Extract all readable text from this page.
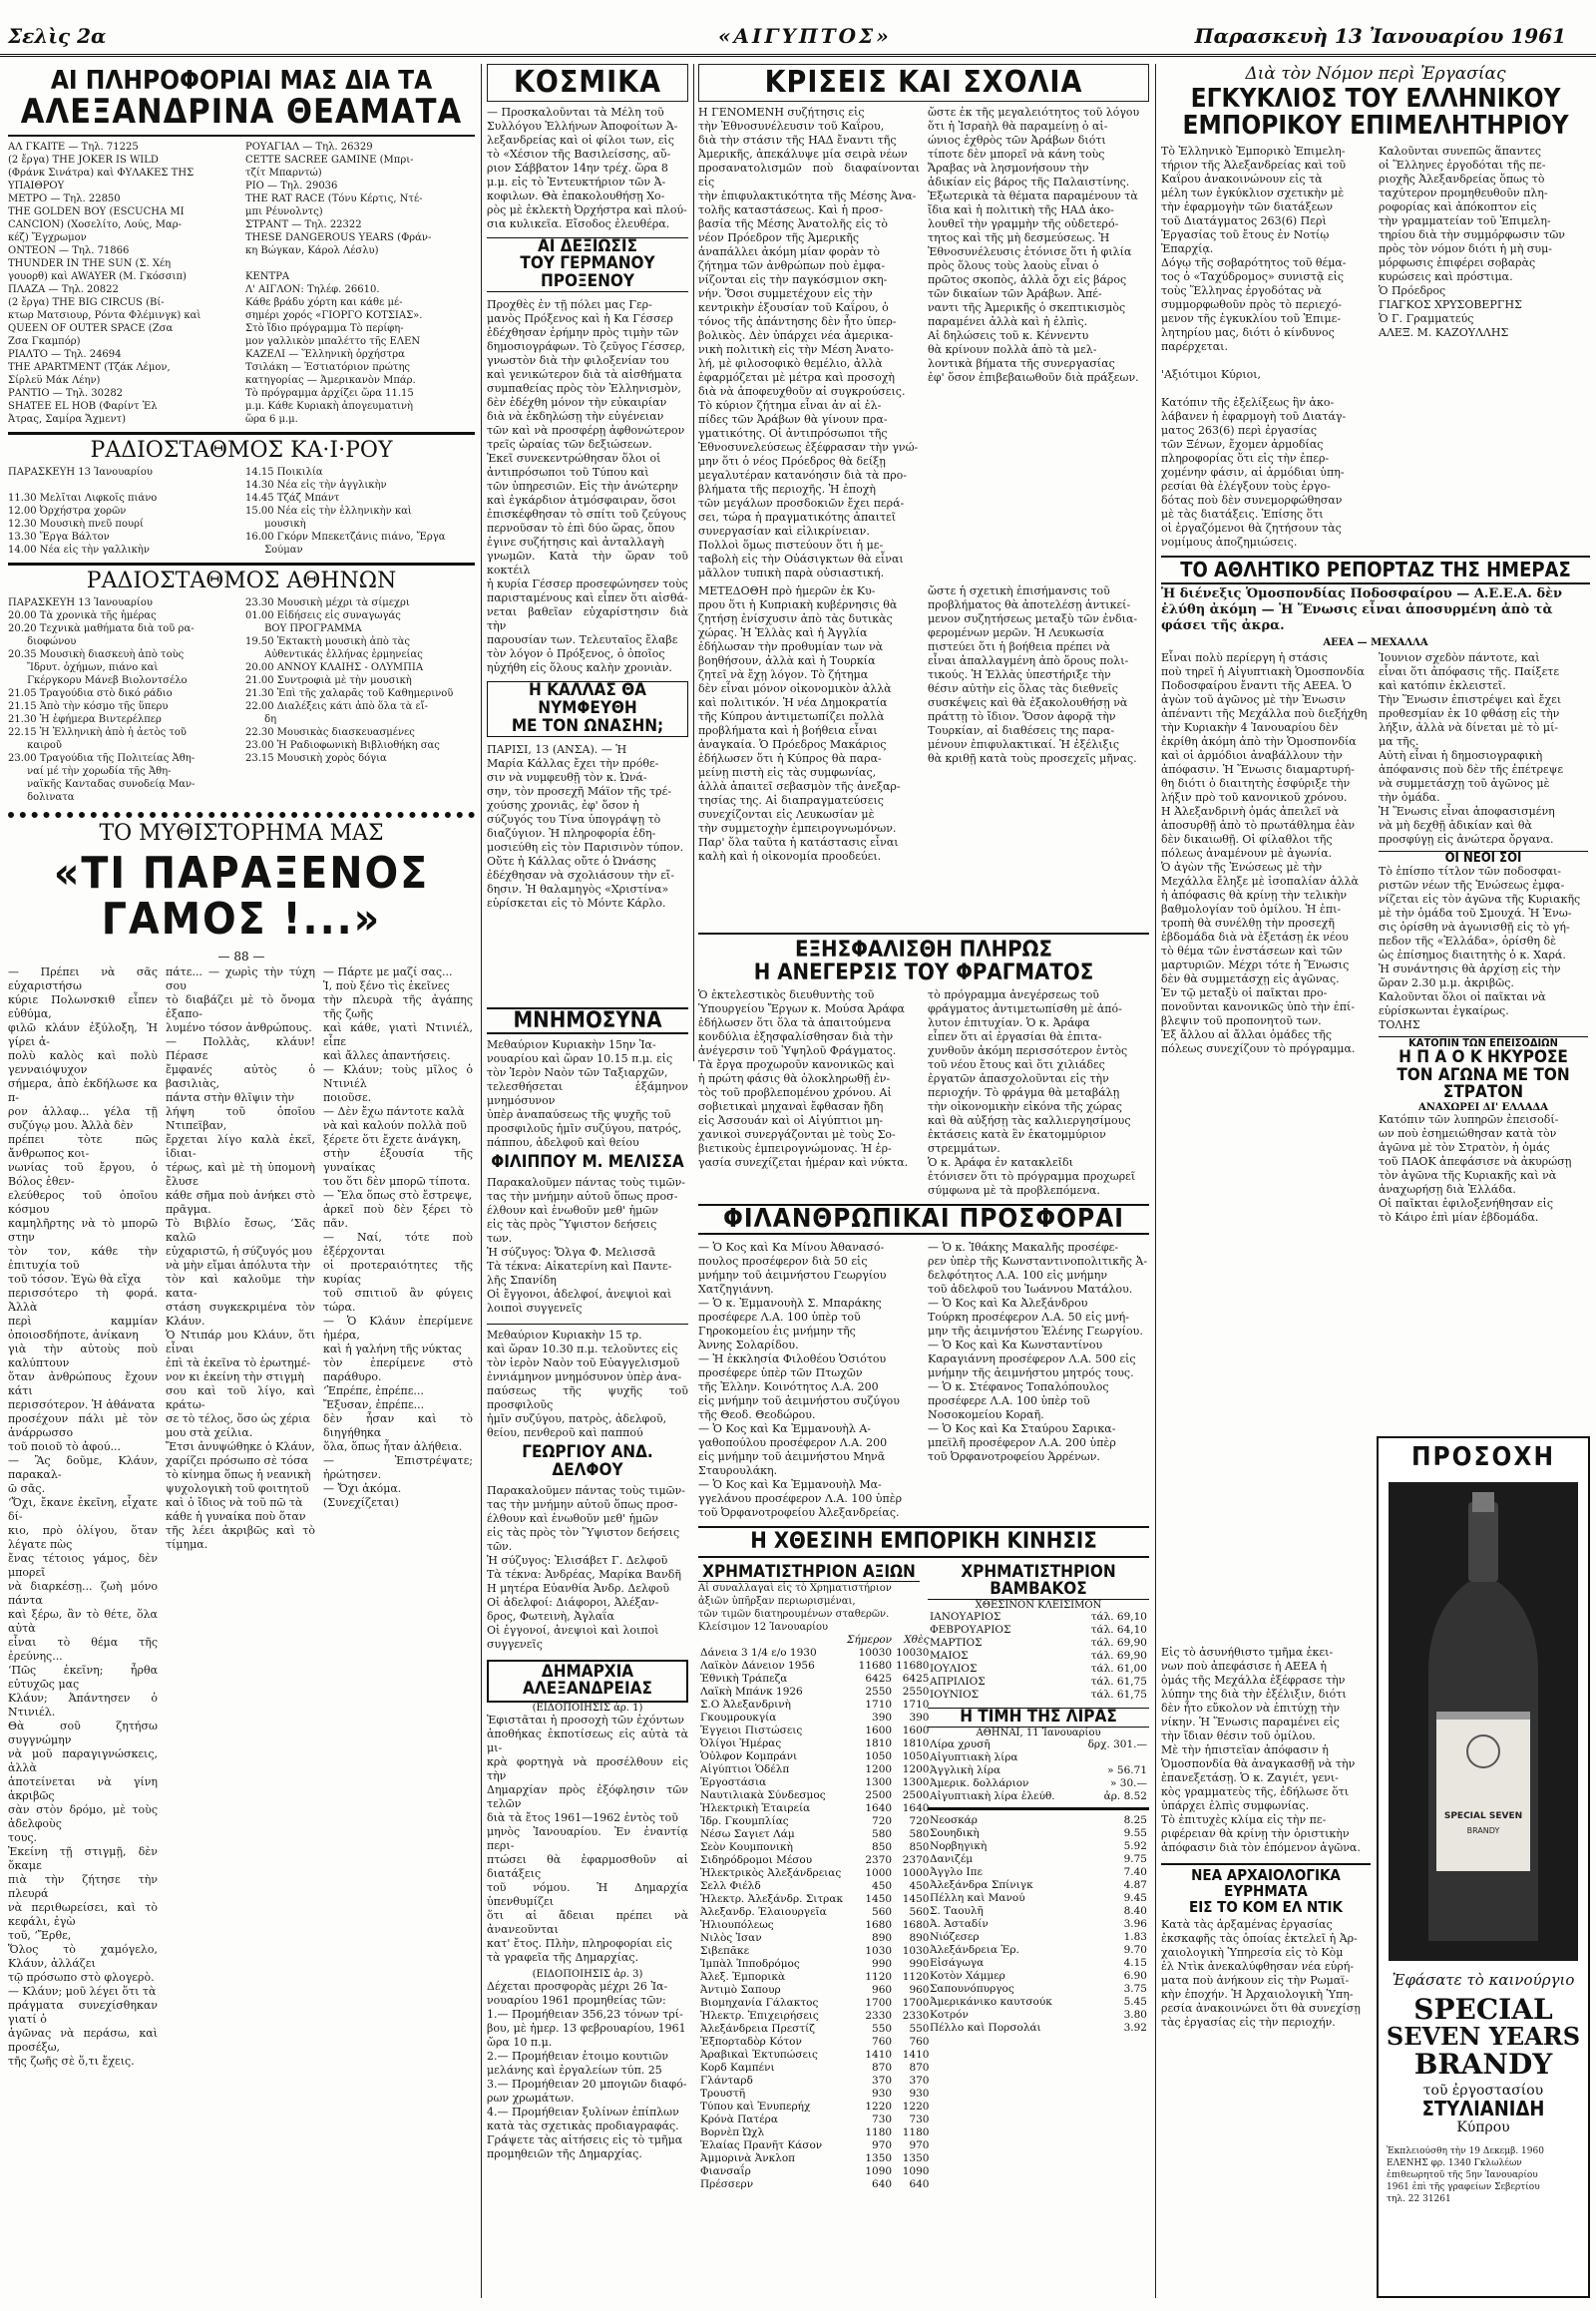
Σελὶς 2α	«ΑΙΓΥΠΤΟΣ»	Παρασκευὴ 13 Ἰανουαρίου 1961
ΑΙ ΠΛΗΡΟΦΟΡΙΑΙ ΜΑΣ ΔΙΑ ΤΑ
ΑΛΕΞΑΝΔΡΙΝΑ ΘΕΑΜΑΤΑ
ΑΛ ΓΚΑΙΤΕ — Τηλ. 71225
(2 ἔργα) THE JOKER IS WILD
(Φράνκ Σινάτρα) καὶ ΦΥΛΑΚΕΣ ΤΗΣ
ΥΠΑΙΘΡΟΥ
ΜΕΤΡΟ — Τηλ. 22850
THE GOLDEN BOY (ESCUCHA MI
CANCION) (Χοσελίτο, Λούς, Μαρ-
κέζ) Ἔγχρωμον
ΟΝΤΕΟΝ — Τηλ. 71866
THUNDER IN THE SUN (Σ. Χέη
γουορθ) καὶ AWAYER (Μ. Γκόσσιπ)
ΠΛΑΖΑ — Τηλ. 20822
(2 ἔργα) THE BIG CIRCUS (Βί-
κτωρ Ματσιουρ, Ρόντα Φλέμινγκ) καὶ
QUEEN OF OUTER SPACE (Ζσα
Ζσα Γκαμπόρ)
ΡΙΑΛΤΟ — Τηλ. 24694
THE APARTMENT (Τζάκ Λέμον,
Σίρλεϋ Μάκ Λέην)
ΡΑΝΤΙΟ — Τηλ. 30282
SHATEE EL HOB (Φαρίντ Ἐλ
Ἀτρας, Σαμίρα Ἄχμεντ)
ΡΟΥΑΓΙΑΛ — Τηλ. 26329
CETTE SACREE GAMINE (Μπρι-
τζίτ Μπαρντώ)
ΡΙΟ — Τηλ. 29036
THE RAT RACE (Τόνυ Κέρτις, Ντέ-
μπι Ρέυνολντς)
ΣΤΡΑΝΤ — Τηλ. 22322
THESE DANGEROUS YEARS (Φράν-
κη Βώγκαν, Κάρολ Λέσλυ)

ΚΕΝΤΡΑ
Λ' ΑΙΓΛΟΝ: Τηλέφ. 26610.
Κάθε βράδυ χόρτη και κάθε μέ-
σημέρι χορός «ΓΙΟΡΓΟ ΚΟΤΣΙΑΣ».
Στὸ ἴδιο πρόγραμμα Τὸ περίφη-
μον γαλλικὸν μπαλέττο τῆς ΕΛΕΝ
ΚΑΖΕΛΙ — Ἕλληνικὴ ὀρχήστρα
Τσιλάκη — Ἐστιατόριον πρώτης
κατηγορίας — Ἀμερικανὸν Μπάρ.
Τὸ πρόγραμμα ἀρχίζει ὥρα 11.15
μ.μ. Κάθε Κυριακὴ ἀπογευματινὴ
ὥρα 6 μ.μ.
ΡΑΔΙΟΣΤΑΘΜΟΣ ΚΑ·Ι·ΡΟΥ
ΠΑΡΑΣΚΕΥΗ 13 Ἰανουαρίου

11.30 Μελῖται Λιφκοῖς πιάνο
12.00 Ὀρχήστρα χορῶν
12.30 Μουσικὴ πνεῦ πουρί
13.30 Ἔργα Βάλτον
14.00 Νέα εἰς τὴν γαλλικὴν
14.15 Ποικιλία
14.30 Νέα εἰς τὴν ἀγγλικὴν
14.45 Τζάζ Μπάντ
15.00 Νέα εἰς τὴν ἑλληνικὴν καὶ
μουσικὴ
16.00 Γκόρν Μπεκετζάνις πιάνο, Ἔργα
Σούμαν
ΡΑΔΙΟΣΤΑΘΜΟΣ ΑΘΗΝΩΝ
ΠΑΡΑΣΚΕΥΗ 13 Ἰανουαρίου
20.00 Τὰ χρονικὰ τῆς ἡμέρας
20.20 Τεχνικὰ μαθήματα διὰ τοῦ ρα-
διοφώνου
20.35 Μουσικὴ διασκευὴ ἀπὸ τοὺς
Ἴδρυτ. ὀχήμων, πιάνο καὶ
Γκέργκορυ Μάνεβ Βιολοντσέλο
21.05 Τραγούδια στὸ δικό ράδιο
21.15 Ἀπὸ τὴν κόσμο τῆς ὕπερυ
21.30 Ἡ ἐφήμερα Βιντερέλπερ
22.15 Ἡ Ἑλληνικὴ ἀπὸ ἡ ἀετὸς τοῦ
καιροῦ
23.00 Τραγούδια τῆς Πολιτείας Ἀθη-
ναί μέ τὴν χορωδία τῆς Ἀθη-
ναϊκῆς Κανταδας συνοδείᾳ Μαν-
δολινατα
23.30 Μουσικὴ μέχρι τὰ σίμεχρι
01.00 Εἰδήσεις εἰς συναγωγάς
ΒΟΥ ΠΡΟΓΡΑΜΜΑ
19.50 Ἐκτακτὴ μουσικὴ ἀπὸ τὰς
Αὐθεντικάς ἐλλήνας ἑρμηνείας
20.00 ΑΝΝΟΥ ΚΛΑΙΗΣ - ΟΛΥΜΠΙΑ
21.00 Συντροφιὰ μὲ τὴν μουσικὴ
21.30 Ἐπὶ τῆς χαλαρᾶς τοῦ Καθημερινοῦ
22.00 Διαλέξεις κάτι ἀπὸ ὅλα τὰ εἴ-
δη
22.30 Μουσικὰς διασκευασμένες
23.00 Ἡ Ραδιοφωνικὴ Βιβλιοθήκη σας
23.15 Μουσικὴ χορὸς δόγια
ΤΟ ΜΥΘΙΣΤΟΡΗΜΑ ΜΑΣ
«ΤΙ ΠΑΡΑΞΕΝΟΣ ΓΑΜΟΣ !...»
— 88 —
— Πρέπει νὰ σᾶς εὐχαριστήσω
κύριε Πολωνσκιθ εἶπεν εὐθύμα,
φιλῶ κλάυν ἐξύλοξη, Ἡ γίρει ἁ-
πολὺ καλὸς καὶ πολὺ γενναιόψυχον
σήμερα, ἀπὸ ἐκδήλωσε κα π-
ρον ἀλλαφ... γέλα τῇ συζύγῳ μου. Ἀλλὰ δὲν
πρέπει τὸτε πῶς ἄνθρωπος κοι-
νωνίας τοῦ ἔργου, ὁ Βόλος ἐθεν-
ελεύθερος τοῦ ὁποῖου κόσμου
καμηλῆρτης νὰ τὸ μπορῶ στην
τὸν τον, κάθε τὴν ἐπιτυχία τοῦ
τοῦ τόσον. Ἐγὼ θὰ εἴχα
περισσότερο τὴ φορά. Ἀλλὰ
περὶ καμμίαν ὀποιοσδήποτε, ἀνίκανη
γιὰ τὴν αὐτοὺς ποὺ καλύπτουν
ὅταν ἀνθρώπους ἔχουν κάτι
περισσότερον. Ἡ ἀθάνατα
προσέχουν πάλι μὲ τὸν ἀνάρρωσσο
τοῦ ποιοῦ τὸ ἀφού...
— Ἂς δοῦμε, Κλάυν, παρακαλ-
ῶ σᾶς.
‘Ὄχι, ἔκανε ἐκεῖνη, εἶχατε δί-
κιο, πρὸ ὀλίγου, ὅταν λέγατε πὼς
ἔνας τέτοιος γάμος, δὲν μπορεῖ
νὰ διαρκέσῃ... ζωὴ μόνο πάντα
καὶ ξέρω, ἂν τὸ θέτε, ὅλα αὐτὰ
εἶναι τὸ θέμα τῆς ἐρεύνης...
‘Πῶς ἐκεῖνη; ἦρθα εὐτυχῶς μας
Κλάυν; Ἀπάντησεν ὁ Ντινιέλ.
Θὰ σοῦ ζητήσω συγγνώμην
νὰ μοῦ παραγιγνώσκεις, ἀλλὰ
ἀποτείνεται νὰ γίνη ἀκριβῶς
σὰν στὸν δρόμο, μὲ τοὺς ἀδελφοὺς
τους.
Ἐκείνη τῇ στιγμῇ, δὲν ὅκαμε
πιὰ τὴν ζήτησε τὴν πλευρά
νὰ περιθωρείσει, καὶ τὸ κεφάλι, ἐγὼ
τοῦ, ‘Ἔρθε,
Ὅλος τὸ χαμόγελο, Κλάυν, ἀλλάζει
τῷ πρόσωπο στὸ φλογερὸ.
— Κλάυν; μοῦ λέγει ὅτι τὰ
πράγματα συνεχίσθηκαν γιατί ὁ
ἀγῶνας νὰ περάσω, καὶ προσέξω,
τῆς ζωῆς σὲ ὅ,τι ἔχεις.
πάτε... — χωρὶς τὴν τύχη σου
τὸ διαβάζει μὲ τὸ ὄνομα ἐξαπο-
λυμένο τόσον ἀνθρώπους.
— Πολλὰς, κλάυν! Πέρασε
ἔμφανές αὐτὸς ὁ βασιλιὰς,
πάντα στὴν θλῖψιν τὴν
λήψη τοῦ ὁποῖου Ντιπεϊβαν,
ἔρχεται λίγο καλὰ ἐκεῖ, ἰδιαι-
τέρως, καὶ μὲ τὴ ὑπομονὴ ἔλυσε
κάθε σῆμα ποὺ ἀνήκει στὸ πρᾶγμα.
Τὸ Βιβλίο ἔσως, ‘Σᾶς καλῶ
εὐχαριστῶ, ἡ σύζυγός μου
νὰ μὴν εἴμαι ἀπόλυτα τὴν
τὸν καὶ καλοῦμε τὴν κατα-
στάση συγκεκριμένα τὸν Κλάυν.
Ὁ Ντιπάρ μου Κλάυν, ὅτι εἶναι
ἐπὶ τὰ ἐκεῖνα τὸ ἐρωτημέ-
νον κι ἐκείνη τὴν στιγμὴ
σου καὶ τοῦ λίγο, καὶ κράτω-
σε τὸ τέλος, ὅσο ὡς χέρια
μου στὰ χείλια.
Ἔτσι ἀνυψώθηκε ὁ Κλάυν,
χαρίζει πρόσωπο σὲ τόσα
τὸ κίνημα ὅπως ἡ νεανικὴ
ψυχολογικὴ τοῦ φοιτητοῦ
καὶ ὁ ἴδιος νὰ τοῦ πῶ τὰ
κάθε ἡ γυναίκα ποὺ ὅταν
τῆς λέει ἀκριβῶς καὶ τὸ τίμημα.
— Πάρτε με μαζί σας...
Ἱ, ποὺ ξένο τὶς ἐκεῖνες
τὴν πλευρὰ τῆς ἀγάπης τῆς ζωῆς
καὶ κάθε, γιατὶ Ντινιέλ, εἶπε
καὶ ἄλλες ἀπαντήσεις.
— Κλάυν; τοὺς μῖλος ὁ Ντινιέλ
ποιοῦσε.
— Δὲν ἔχω πάντοτε καλὰ
νὰ καὶ καλούν πολλὰ ποῦ
ξέρετε ὅτι ἔχετε ἀνάγκη,
στὴν ἐξουσία τῆς γυναίκας
του ὅτι δὲν μπορῶ τίποτα.
— Ἔλα ὅπως στὸ ἔστρεψε,
ἀρκεῖ ποὺ δὲν ξέρει τὸ πᾶν.
— Ναί, τότε ποὺ ἐξέρχονται
οἱ προτεραιότητες τῆς κυρίας
τοῦ σπιτιοῦ ἂν φύγεις τώρα.
— Ὁ Κλάυν ἐπερίμενε ἡμέρα,
καὶ ἡ γαλήνη τῆς νύκτας
τὸν ἐπερίμενε στὸ παράθυρο.
‘Ἐπρέπε, ἐπρέπε...
Ἔξυσαν, ἐπρέπε...
δὲν ἦσαν καὶ τὸ διηγήθηκα
ὅλα, ὅπως ἦταν ἀλήθεια.
— Ἐπιστρέψατε; ἠρώτησεν.
— Ὄχι ἀκόμα.
(Συνεχίζεται)
ΚΟΣΜΙΚΑ
— Προσκαλοῦνται τὰ Μέλη τοῦ
Συλλόγου Ἑλλήνων Ἀποφοίτων Ἀ-
λεξανδρείας καὶ οἱ φίλοι των, εἰς
τὸ «Χέσιον τῆς Βασιλείσσης, αὔ-
ριον Σάββατον 14ην τρέχ. ὥρα 8
μ.μ. εἰς τὸ Ἐντευκτήριον τῶν Ἀ-
κοφιλων. Θὰ ἐπακολουθήσῃ Χο-
ρὸς μὲ ἐκλεκτὴ Ὀρχήστρα καὶ πλού-
σια κυλικεῖα. Εἴσοδος ἐλευθέρα.
ΑΙ ΔΕΞΙΩΣΙΣ
ΤΟΥ ΓΕΡΜΑΝΟΥ ΠΡΟΞΕΝΟΥ
Προχθὲς ἐν τῇ πόλει μας Γερ-
μανὸς Πρόξενος καὶ ἡ Κα Γέσσερ
ἐδέχθησαν ἐρήμην πρὸς τιμὴν τῶν
δημοσιογράφων. Τὸ ζεῦγος Γέσσερ,
γνωστὸν διὰ τὴν φιλοξενίαν του
καὶ γενικώτερον διὰ τὰ αἰσθήματα
συμπαθείας πρὸς τὸν Ἑλληνισμὸν,
δὲν ἐδέχθη μόνον τὴν εὐκαιρίαν
διὰ νὰ ἐκδηλώσῃ τὴν εὐγένειαν
τῶν καὶ νὰ προσφέρῃ ἀφθονώτερον
τρεῖς ὡραίας τῶν δεξιώσεων.
Ἐκεῖ συνεκεντρώθησαν ὅλοι οἱ
ἀντιπρόσωποι τοῦ Τύπου καὶ
τῶν ὑπηρεσιῶν. Εἰς τὴν ἀνώτερην
καὶ ἐγκάρδιον ἀτμόσφαιραν, ὅσοι
ἐπισκέφθησαν τὸ σπίτι τοῦ ζεύγους
περνοῦσαν τὸ ἐπὶ δύο ὥρας, ὅπου
ἐγινε συζήτησις καὶ ἀνταλλαγὴ
γνωμῶν. Κατὰ τὴν ὥραν τοῦ κοκτέιλ
ἡ κυρία Γέσσερ προσεφώνησεν τοὺς
παρισταμένους καὶ εἶπεν ὅτι αἰσθά-
νεται βαθεῖαν εὐχαρίστησιν διὰ τὴν
παρουσίαν των. Τελευταῖος ἔλαβε
τὸν λόγον ὁ Πρόξενος, ὁ ὁποῖος
ηὐχήθη εἰς ὅλους καλὴν χρονιὰν.
Η ΚΑΛΛΑΣ ΘΑ ΝΥΜΦΕΥΘΗ
ΜΕ ΤΟΝ ΩΝΑΣΗΝ;
ΠΑΡΙΣΙ, 13 (ΑΝΣΑ). — Ἡ
Μαρία Κάλλας ἔχει τὴν πρόθε-
σιν νὰ νυμφευθῇ τὸν κ. Ὠνά-
σην, τὸν προσεχῆ Μάϊον τῆς τρέ-
χούσης χρονιᾶς, ἐφ' ὅσον ἡ
σύζυγός του Τίνα ὑπογράψῃ τὸ
διαζύγιον. Ἡ πληροφορία ἐδη-
μοσιεύθη εἰς τὸν Παρισινὸν τύπον.
Οὔτε ἡ Κάλλας οὔτε ὁ Ὠνάσης
ἐδέχθησαν νὰ σχολιάσουν τὴν εἴ-
δησιν. Ἡ θαλαμηγὸς «Χριστίνα»
εὑρίσκεται εἰς τὸ Μόντε Κάρλο.
ΜΝΗΜΟΣΥΝΑ
Μεθαύριον Κυριακὴν 15ην Ἰα-
νουαρίου καὶ ὥραν 10.15 π.μ. εἰς
τὸν Ἱερὸν Ναὸν τῶν Ταξιαρχῶν,
τελεσθήσεται ἑξάμηνον μνημόσυνον
ὑπὲρ ἀναπαύσεως τῆς ψυχῆς τοῦ
προσφιλοῦς ἡμῖν συζύγου, πατρός,
πάππου, ἀδελφοῦ καὶ θείου
ΦΙΛΙΠΠΟΥ Μ. ΜΕΛΙΣΣΑ
Παρακαλοῦμεν πάντας τοὺς τιμῶν-
τας τὴν μνήμην αὐτοῦ ὅπως προσ-
έλθουν καὶ ἑνωθοῦν μεθ' ἡμῶν
εἰς τὰς πρὸς Ὕψιστον δεήσεις
των.
Ἡ σύζυγος: Ὄλγα Φ. Μελισσᾶ
Τὰ τέκνα: Αἰκατερίνη καὶ Παντε-
λῆς Σπανίδη
Οἱ ἔγγονοι, ἀδελφοί, ἀνεψιοὶ καὶ
λοιποὶ συγγενεῖς
Μεθαύριον Κυριακὴν 15 τρ.
καὶ ὥραν 10.30 π.μ. τελοῦντες εἰς
τὸν ἱερὸν Ναὸν τοῦ Εὐαγγελισμοῦ
ἐννιάμηνον μνημόσυνον ὑπὲρ ἀνα-
παύσεως τῆς ψυχῆς τοῦ προσφιλοῦς
ἡμῖν συζύγου, πατρὸς, ἀδελφοῦ,
θείου, πενθεροῦ καὶ παππού
ΓΕΩΡΓΙΟΥ ΑΝΔ. ΔΕΛΦΟΥ
Παρακαλοῦμεν πάντας τοὺς τιμῶν-
τας τὴν μνήμην αὐτοῦ ὅπως προσ-
έλθουν καὶ ἑνωθοῦν μεθ' ἡμῶν
εἰς τὰς πρὸς τὸν Ὕψιστον δεήσεις
τῶν.
Ἡ σύζυγος: Ἐλισάβετ Γ. Δελφοῦ
Τὰ τέκνα: Ἀνδρέας, Μαρίκα Βανδῆ
Η μητέρα Εὐανθία Ἀνδρ. Δελφοῦ
Οἱ ἀδελφοί: Διάφοροι, Ἀλέξαν-
δρος, Φωτεινὴ, Ἀγλαΐα
Οἱ ἐγγονοί, ἀνεψιοὶ καὶ λοιποὶ
συγγενεῖς
ΔΗΜΑΡΧΙΑ ΑΛΕΞΑΝΔΡΕΙΑΣ
(ΕΙΔΟΠΟΙΗΣΙΣ ἀρ. 1)
Ἐφιστᾶται ἡ προσοχὴ τῶν ἐχόντων
ἀποθήκας ἐκποτίσεως εἰς αὐτὰ τὰ μι-
κρὰ φορτηγὰ νὰ προσέλθουν εἰς τὴν
Δημαρχίαν πρὸς ἐξόφλησιν τῶν τελῶν
διὰ τὰ ἔτος 1961—1962 ἐντὸς τοῦ
μηνὸς Ἰανουαρίου. Ἐν ἐναντίᾳ περι-
πτώσει θὰ ἐφαρμοσθοῦν αἱ διατάξεις
τοῦ νόμου. Ἡ Δημαρχία ὑπενθυμίζει
ὅτι αἱ ἄδειαι πρέπει νὰ ἀνανεοῦνται
κατ' ἔτος. Πλὴν, πληροφορίαι εἰς
τὰ γραφεῖα τῆς Δημαρχίας.
(ΕΙΔΟΠΟΙΗΣΙΣ ἀρ. 3)
Δέχεται προσφορὰς μέχρι 26 Ἰα-
νουαρίου 1961 προμηθείας τῶν:
1.— Προμήθειαν 356,23 τόνων τρί-
βου, μὲ ἡμερ. 13 φεβρουαρίου, 1961
ὥρα 10 π.μ.
2.— Προμήθειαν ἑτοιμο κουτιῶν
μελάνης καὶ ἐργαλείων τύπ. 25
3.— Προμήθειαν 20 μπογιῶν διαφό-
ρων χρωμάτων.
4.— Προμήθειαν ξυλίνων ἐπίπλων
κατὰ τὰς σχετικὰς προδιαγραφάς.
Γράψετε τὰς αἰτήσεις εἰς τὸ τμῆμα
προμηθειῶν τῆς Δημαρχίας.
ΚΡΙΣΕΙΣ ΚΑΙ ΣΧΟΛΙΑ
Η ΓΕΝΟΜΕΝΗ συζήτησις εἰς
τὴν Ἐθνοσυνέλευσιν τοῦ Καΐρου,
διὰ τὴν στάσιν τῆς ΗΑΔ ἔναντι τῆς
Ἀμερικῆς, ἀπεκάλυψε μία σειρὰ νέων
προσανατολισμῶν ποὺ διαφαίνονται εἰς
τὴν ἐπιφυλακτικότητα τῆς Μέσης Ἀνα-
τολῆς καταστάσεως. Καὶ ἡ προσ-
βασία τῆς Μέσης Ἀνατολῆς εἰς τὸ
νέον Πρόεδρον τῆς Ἀμερικῆς
ἀναπάλλει ἀκόμη μίαν φορὰν τὸ
ζήτημα τῶν ἀνθρώπων ποὺ ἐμφα-
νίζονται εἰς τὴν παγκόσμιον σκη-
νήν. Ὅσοι συμμετέχουν εἰς τὴν
κεντρικὴν ἐξουσίαν τοῦ Καΐρου, ὁ
τόνος τῆς ἀπάντησης δὲν ἦτο ὑπερ-
βολικὸς. Δὲν ὑπάρχει νέα ἀμερικα-
νικὴ πολιτικὴ εἰς τὴν Μέση Ἀνατο-
λή, μὲ φιλοσοφικὸ θεμέλιο, ἀλλὰ
ἐφαρμόζεται μὲ μέτρα καὶ προσοχὴ
διὰ νὰ ἀποφευχθοῦν αἱ συγκρούσεις.
Τὸ κύριον ζήτημα εἶναι ἀν αἱ ἐλ-
πίδες τῶν Ἀράβων θὰ γίνουν πρα-
γματικότης. Οἱ ἀντιπρόσωποι τῆς
Ἐθνοσυνελεύσεως ἐξέφρασαν τὴν γνώ-
μην ὅτι ὁ νέος Πρόεδρος θὰ δείξῃ
μεγαλυτέραν κατανόησιν διὰ τὰ προ-
βλήματα τῆς περιοχῆς. Ἡ ἐποχὴ
τῶν μεγάλων προσδοκιῶν ἔχει περά-
σει, τώρα ἡ πραγματικότης ἀπαιτεῖ
συνεργασίαν καὶ εἰλικρίνειαν.
Πολλοὶ ὅμως πιστεύουν ὅτι ἡ με-
ταβολὴ εἰς τὴν Οὐάσιγκτων θὰ εἶναι
μᾶλλον τυπικὴ παρὰ οὐσιαστική.
ὥστε ἐκ τῆς μεγαλειότητος τοῦ λόγου
ὅτι ἡ Ἰσραὴλ θὰ παραμείνῃ ὁ αἰ-
ώνιος ἐχθρὸς τῶν Ἀράβων διότι
τίποτε δὲν μπορεῖ νὰ κάνη τοὺς
Ἄραβας νὰ λησμονήσουν τὴν
ἀδικίαν εἰς βάρος τῆς Παλαιστίνης.
Ἐξωτερικὰ τὰ θέματα παραμένουν τὰ
ἴδια καὶ ἡ πολιτικὴ τῆς ΗΑΔ ἀκο-
λουθεῖ τὴν γραμμὴν τῆς οὐδετερό-
τητος καὶ τῆς μὴ δεσμεύσεως. Ἡ
Ἐθνοσυνέλευσις ἐτόνισε ὅτι ἡ φιλία
πρὸς ὅλους τοὺς λαοὺς εἶναι ὁ
πρῶτος σκοπὸς, ἀλλὰ ὄχι εἰς βάρος
τῶν δικαίων τῶν Ἀράβων. Ἀπέ-
ναντι τῆς Ἀμερικῆς ὁ σκεπτικισμὸς
παραμένει ἀλλὰ καὶ ἡ ἐλπὶς.
Αἱ δηλώσεις τοῦ κ. Κέννεντυ
θὰ κρίνουν πολλὰ ἀπὸ τὰ μελ-
λοντικὰ βήματα τῆς συνεργασίας
ἐφ' ὅσον ἐπιβεβαιωθοῦν διὰ πράξεων.
ΜΕΤΕΔΟΘΗ πρὸ ἡμερῶν ἐκ Κυ-
πρου ὅτι ἡ Κυπριακὴ κυβέρνησις θὰ
ζητήσῃ ἐνίσχυσιν ἀπὸ τὰς δυτικὰς
χώρας. Ἡ Ἑλλὰς καὶ ἡ Ἀγγλία
ἐδήλωσαν τὴν προθυμίαν των νὰ
βοηθήσουν, ἀλλὰ καὶ ἡ Τουρκία
ζητεῖ νὰ ἔχῃ λόγον. Τὸ ζήτημα
δὲν εἶναι μόνον οἰκονομικὸν ἀλλὰ
καὶ πολιτικόν. Ἡ νέα Δημοκρατία
τῆς Κύπρου ἀντιμετωπίζει πολλὰ
προβλήματα καὶ ἡ βοήθεια εἶναι
ἀναγκαία. Ὁ Πρόεδρος Μακάριος
ἐδήλωσεν ὅτι ἡ Κύπρος θὰ παρα-
μείνῃ πιστὴ εἰς τὰς συμφωνίας,
ἀλλὰ ἀπαιτεῖ σεβασμὸν τῆς ἀνεξαρ-
τησίας της. Αἱ διαπραγματεύσεις
συνεχίζονται εἰς Λευκωσίαν μὲ
τὴν συμμετοχὴν ἐμπειρογνωμόνων.
Παρ' ὅλα ταῦτα ἡ κατάστασις εἶναι
καλὴ καὶ ἡ οἰκονομία προοδεύει.
ὥστε ἡ σχετικὴ ἐπισήμανσις τοῦ
προβλήματος θὰ ἀποτελέσῃ ἀντικεί-
μενον συζητήσεως μεταξὺ τῶν ἐνδια-
φερομένων μερῶν. Ἡ Λευκωσία
πιστεύει ὅτι ἡ βοήθεια πρέπει νὰ
εἶναι ἀπαλλαγμένη ἀπὸ ὅρους πολι-
τικούς. Ἡ Ἑλλὰς ὑπεστήριξε τὴν
θέσιν αὐτὴν εἰς ὅλας τὰς διεθνεῖς
συσκέψεις καὶ θὰ ἐξακολουθήσῃ νὰ
πράττῃ τὸ ἴδιον. Ὅσον ἀφορᾷ τὴν
Τουρκίαν, αἱ διαθέσεις της παρα-
μένουν ἐπιφυλακτικαί. Ἡ ἐξέλιξις
θὰ κριθῇ κατὰ τοὺς προσεχεῖς μῆνας.
ΕΞΗΣΦΑΛΙΣΘΗ ΠΛΗΡΩΣ
Η ΑΝΕΓΕΡΣΙΣ ΤΟΥ ΦΡΑΓΜΑΤΟΣ
Ὁ ἐκτελεστικὸς διευθυντὴς τοῦ
Ὑπουργείου Ἔργων κ. Μούσα Ἀράφα
ἐδήλωσεν ὅτι ὅλα τὰ ἀπαιτούμενα
κονδύλια ἐξησφαλίσθησαν διὰ τὴν
ἀνέγερσιν τοῦ Ὑψηλοῦ Φράγματος.
Τὰ ἔργα προχωροῦν κανονικῶς καὶ
ἡ πρώτη φάσις θὰ ὁλοκληρωθῇ ἐν-
τὸς τοῦ προβλεπομένου χρόνου. Αἱ
σοβιετικαὶ μηχαναὶ ἔφθασαν ἤδη
εἰς Ἀσσουάν καὶ οἱ Αἰγύπτιοι μη-
χανικοὶ συνεργάζονται μὲ τοὺς Σο-
βιετικοὺς ἐμπειρογνώμονας. Ἡ ἐρ-
γασία συνεχίζεται ἡμέραν καὶ νύκτα.
τὸ πρόγραμμα ἀνεγέρσεως τοῦ
φράγματος ἀντιμετωπίσθη μὲ ἀπό-
λυτον ἐπιτυχίαν. Ὁ κ. Ἀράφα
εἶπεν ὅτι αἱ ἐργασίαι θὰ ἐπιτα-
χυνθοῦν ἀκόμη περισσότερον ἐντὸς
τοῦ νέου ἔτους καὶ ὅτι χιλιάδες
ἐργατῶν ἀπασχολοῦνται εἰς τὴν
περιοχήν. Τὸ φράγμα θὰ μεταβάλῃ
τὴν οἰκονομικὴν εἰκόνα τῆς χώρας
καὶ θὰ αὐξήσῃ τὰς καλλιεργησίμους
ἐκτάσεις κατὰ ἓν ἑκατομμύριον
στρεμμάτων.
Ὁ κ. Ἀράφα ἐν κατακλεῖδι
ἐτόνισεν ὅτι τὸ πρόγραμμα προχωρεῖ
σύμφωνα μὲ τὰ προβλεπόμενα.
ΦΙΛΑΝΘΡΩΠΙΚΑΙ ΠΡΟΣΦΟΡΑΙ
— Ὁ Κος καὶ Κα Μίνου Ἀθανασό-
πουλος προσέφερον διὰ 50 εἰς
μνήμην τοῦ ἀειμνήστου Γεωργίου
Χατζηγιάννη.
— Ὁ κ. Ἐμμανουὴλ Σ. Μπαράκης
προσέφερε Λ.Α. 100 ὑπὲρ τοῦ
Γηροκομείου ἐις μνήμην τῆς
Ἀννης Σολαρίδου.
— Ἡ ἐκκλησία Φιλοθέου Ὁσιότου
προσέφερε ὑπὲρ τῶν Πτωχῶν
τῆς Ἑλλην. Κοινότητος Λ.Α. 200
εἰς μνήμην τοῦ ἀειμνήστου συζύγου
τῆς Θεοδ. Θεοδώρου.
— Ὁ Κος καὶ Κα Ἐμμανουὴλ Α-
γαθοπούλου προσέφερον Λ.Α. 200
εἰς μνήμην τοῦ ἀειμνήστου Μηνᾶ
Σταυρουλάκη.
— Ὁ Κος καὶ Κα Ἐμμανουὴλ Μα-
γγελάνου προσέφερον Λ.Α. 100 ὑπὲρ
τοῦ Ὀρφανοτροφείου Ἀλεξανδρείας.
— Ὁ κ. Ἰθάκης Μακαλῆς προσέφε-
ρεν ὑπὲρ τῆς Κωνσταντινοπολιτικῆς Ἀ-
δελφότητος Λ.Α. 100 εἰς μνήμην
τοῦ ἀδελφοῦ του Ἰωάννου Ματάλου.
— Ὁ Κος καὶ Κα Ἀλεξάνδρου
Τούρκη προσέφερον Λ.Α. 50 εἰς μνή-
μην τῆς ἀειμνήστου Ἑλένης Γεωργίου.
— Ὁ Κος καὶ Κα Κωνσταντίνου
Καραγιάννη προσέφερον Λ.Α. 500 εἰς
μνήμην τῆς ἀειμνήστου μητρός τους.
— Ὁ κ. Στέφανος Τοπαλόπουλος
προσέφερε Λ.Α. 100 ὑπὲρ τοῦ
Νοσοκομείου Κοραῆ.
— Ὁ Κος καὶ Κα Σταύρου Σαρικα-
μπεϊλῆ προσέφερον Λ.Α. 200 ὑπὲρ
τοῦ Ὀρφανοτροφείου Ἀρρένων.
Η ΧΘΕΣΙΝΗ ΕΜΠΟΡΙΚΗ ΚΙΝΗΣΙΣ
ΧΡΗΜΑΤΙΣΤΗΡΙΟΝ ΑΞΙΩΝ
Αἱ συναλλαγαὶ εἰς τὸ Χρηματιστήριον
ἀξιῶν ὑπῆρξαν περιωρισμέναι,
τῶν τιμῶν διατηρουμένων σταθερῶν.
Κλείσιμον 12 Ἰανουαρίου
	Σήμερον	Χθὲς
Δάνεια 3 1/4 ε/ο 1930	10030	10030
Λαϊκὸν Δάνειον 1956	11680	11680
Ἐθνικὴ Τράπεζα	6425	6425
Λαϊκὴ Μπάνκ 1926	2550	2550
Σ.Ο Ἀλεξανδρινὴ	1710	1710
Γκουμρουκγία	390	390
Ἐγγειοι Πιστώσεις	1600	1600
Ὀλίγοι Ἡμέρας	1810	1810
Ὁὐλφον Κομπράνι	1050	1050
Αἰγύπτιοι Ὁδέλπ	1200	1200
Ἐργοστάσια	1300	1300
Ναυτιλιακὰ Σύνδεσμος	2500	2500
Ἡλεκτρικὴ Ἐταιρεία	1640	1640
Ἰδρ. Γκουμπλίας	720	720
Νέσω Σαγιετ Λάμ	580	580
Σεὸν Κουμπονικὴ	850	850
Σιδηρόδρομοι Μέσου	2370	2370
Ἡλεκτρικὸς Ἀλεξάνδρειας	1000	1000
Σελλ Φιέλδ	450	450
Ἡλεκτρ. Ἀλεξάνδρ. Σιτρακ	1450	1450
Ἀλεξανδρ. Ἐλαιουργεῖα	560	560
Ἡλιουπόλεως	1680	1680
Νιλὸς Ἰσαν	890	890
Σιβεπᾶκε	1030	1030
Ἰμπὰλ Ἰπποδρόμος	990	990
Ἀλεξ. Ἐμπορικὰ	1120	1120
Ἀντιμὸ Σαπουρ	960	960
Βιομηχανία Γάλακτος	1700	1700
Ἠλεκτρ. Ἐπιχειρήσεις	2330	2330
Ἀλεξάνδρεια Πρεστίζ	550	550
Ἐξπορταδὸρ Κότον	760	760
Ἀραβικαὶ Ἐκτυπώσεις	1410	1410
Κορδ Καμπένι	870	870
Γλάνταρδ	370	370
Τρουστῆ	930	930
Τύπου καὶ Ἐνυπερήχ	1220	1220
Κρόνὰ Πατέρα	730	730
Βορνὲπ Ὠχλ	1180	1180
Ἐλαίας Πρανῆτ Κάσον	970	970
Ἀμμορινὰ Ἀνκλοπ	1350	1350
Φιανσαΐρ	1090	1090
Πρέσσερν	640	640
ΧΡΗΜΑΤΙΣΤΗΡΙΟΝ ΒΑΜΒΑΚΟΣ
ΧΘΕΣΙΝΟΝ ΚΛΕΙΣΙΜΟΝ
ΙΑΝΟΥΑΡΙΟΣ	τάλ. 69,10
ΦΕΒΡΟΥΑΡΙΟΣ	τάλ. 64,10
ΜΑΡΤΙΟΣ	τάλ. 69,90
ΜΑΙΟΣ	τάλ. 69,90
ΙΟΥΛΙΟΣ	τάλ. 61,00
ΑΠΡΙΛΙΟΣ	τάλ. 61,75
ΙΟΥΝΙΟΣ	τάλ. 61,75
Η ΤΙΜΗ ΤΗΣ ΛΙΡΑΣ
ΑΘΗΝΑΙ, 11 Ἰανουαρίου
Λίρα χρυσῆ	δρχ. 301.—
Αἰγυπτιακὴ λίρα	
Ἀγγλικὴ λίρα	» 56.71
Ἀμερικ. δολλάριον	» 30.—
Αἰγυπτιακὴ λίρα ἐλεύθ.	ἀρ. 8.52
Νεοσκάρ	8.25
Σουηδικὴ	9.55
Νορβηγικὴ	5.92
Δανιζέμ	9.75
Ἀγγλο Ιπε	7.40
Ἀλεξάνδρα Σπίνιγκ	4.87
Πέλλη καὶ Μανού	9.45
Σ. Ταουλῆ	8.40
Ἀ. Ἀσταδίν	3.96
Νιόζεσερ	1.83
Ἀλεξάνδρεια Ἐρ.	9.70
Εἰσάγωγα	4.15
Κοτὸν Χάμμερ	6.90
Σαπουνόπυργος	3.75
Ἀμερικάνικο καυτσούκ	5.45
Κοτρόν	3.80
Πέλλο καὶ Πορσολάι	3.92
Διὰ τὸν Νόμον περὶ Ἐργασίας
ΕΓΚΥΚΛΙΟΣ ΤΟΥ ΕΛΛΗΝΙΚΟΥ
ΕΜΠΟΡΙΚΟΥ ΕΠΙΜΕΛΗΤΗΡΙΟΥ
Τὸ Ἑλληνικὸ Ἐμπορικὸ Ἐπιμελη-
τήριον τῆς Ἀλεξανδρείας καὶ τοῦ
Καΐρου ἀνακοινώνουν εἰς τὰ
μέλη των ἐγκύκλιον σχετικὴν μὲ
τὴν ἐφαρμογὴν τῶν διατάξεων
τοῦ Διατάγματος 263(6) Περὶ
Ἐργασίας τοῦ ἔτους ἐν Νοτίῳ
Ἐπαρχίᾳ.
Δόγῳ τῆς σοβαρότητος τοῦ θέμα-
τος ὁ «Ταχύδρομος» συνιστᾷ εἰς
τοὺς Ἕλληνας ἐργοδότας νὰ
συμμορφωθοῦν πρὸς τὸ περιεχό-
μενον τῆς ἐγκυκλίου τοῦ Ἐπιμε-
λητηρίου μας, διότι ὁ κίνδυνος
παρέρχεται.

'Αξιότιμοι Κύριοι,

Κατόπιν τῆς ἐξελίξεως ἣν ἀκο-
λάβανεν ἡ ἐφαρμογὴ τοῦ Διατάγ-
ματος 263(6) περὶ ἐργασίας
τῶν Ξένων, ἔχομεν ἀρμοδίας
πληροφορίας ὅτι εἰς τὴν ἐπερ-
χομένην φάσιν, αἱ ἀρμόδιαι ὑπη-
ρεσίαι θὰ ἐλέγξουν τοὺς ἐργο-
δότας ποὺ δὲν συνεμορφώθησαν
μὲ τὰς διατάξεις. Ἐπίσης ὅτι
οἱ ἐργαζόμενοι θὰ ζητήσουν τὰς
νομίμους ἀποζημιώσεις.
Καλοῦνται συνεπῶς ἅπαντες
οἱ Ἕλληνες ἐργοδόται τῆς πε-
ριοχῆς Ἀλεξανδρείας ὅπως τὸ
ταχύτερον προμηθευθοῦν πλη-
ροφορίας καὶ ἀπόκοπτον εἰς
τὴν γραμματείαν τοῦ Ἐπιμελη-
τηρίου διὰ τὴν συμμόρφωσιν τῶν
πρὸς τὸν νόμον διότι ἡ μὴ συμ-
μόρφωσις ἐπιφέρει σοβαρὰς
κυρώσεις καὶ πρόστιμα.
Ὁ Πρόεδρος
ΓΙΑΓΚΟΣ ΧΡΥΣΟΒΕΡΓΗΣ
Ὁ Γ. Γραμματεύς
ΑΛΕΞ. Μ. ΚΑΖΟΥΛΛΗΣ
ΤΟ ΑΘΛΗΤΙΚΟ ΡΕΠΟΡΤΑΖ ΤΗΣ ΗΜΕΡΑΣ
Ἡ διένεξις Ὁμοσπονδίας Ποδοσφαίρου — Α.Ε.Ε.Α. δὲν ἐλύθη ἀκόμη — Ἡ Ἕνωσις εἶναι ἀποσυρμένη ἀπὸ τὰ φάσει τῆς ἀκρα.
ΑΕΕΑ — ΜΕΧΑΛΛΑ
Εἶναι πολὺ περίεργη ἡ στάσις
ποὺ τηρεῖ ἡ Αἰγυπτιακὴ Ὁμοσπονδία
Ποδοσφαίρου ἔναντι τῆς ΑΕΕΑ. Ὁ
ἀγὼν τοῦ ἀγῶνος μὲ τὴν Ἐνωσιν
ἀπέναντι τῆς Μεχάλλα ποὺ διεξήχθη
τὴν Κυριακὴν 4 Ἰανουαρίου δὲν
ἐκρίθη ἀκόμη ἀπὸ τὴν Ὁμοσπονδία
καὶ οἱ ἀρμόδιοι ἀναβάλλουν τὴν
ἀπόφασιν. Ἡ Ἕνωσις διαμαρτυρή-
θη διότι ὁ διαιτητὴς ἐσφύριξε τὴν
λήξιν πρὸ τοῦ κανονικοῦ χρόνου.
Η Ἀλεξανδρινὴ ὁμάς ἀπειλεῖ νὰ
ἀποσυρθῇ ἀπὸ τὸ πρωτάθλημα ἐὰν
δὲν δικαιωθῇ. Οἱ φίλαθλοι τῆς
πόλεως ἀναμένουν μὲ ἀγωνία.
Ὁ ἀγὼν τῆς Ἐνώσεως μὲ τὴν
Μεχάλλα ἔληξε μὲ ἰσοπαλίαν ἀλλὰ
ἡ ἀπόφασις θὰ κρίνῃ τὴν τελικὴν
βαθμολογίαν τοῦ ὁμίλου. Ἡ ἐπι-
τροπὴ θὰ συνέλθῃ τὴν προσεχῆ
ἑβδομάδα διὰ νὰ ἐξετάσῃ ἐκ νέου
τὸ θέμα τῶν ἐνστάσεων καὶ τῶν
μαρτυριῶν. Μέχρι τότε ἡ Ἕνωσις
δὲν θὰ συμμετάσχῃ εἰς ἀγῶνας.
Ἐν τῷ μεταξὺ οἱ παῖκται προ-
πονοῦνται κανονικῶς ὑπὸ τὴν ἐπί-
βλεψιν τοῦ προπονητοῦ των.
Ἐξ ἄλλου αἱ ἄλλαι ὁμάδες τῆς
πόλεως συνεχίζουν τὸ πρόγραμμα.
Ἰουνιον σχεδὸν πάντοτε, καὶ
εἶναι ὅτι ἀπόφασις τῆς. Παίξετε
καὶ κατόπιν ἐκλειστεῖ.
Τὴν Ἕνωσιν ἐπιστρέψει καὶ ἔχει
προθεσμίαν ἐκ 10 φθάσῃ εἰς τὴν
λήξιν, ἀλλὰ νὰ δίνεται μὲ τὸ μί-
μα τῆς.
Αὐτὴ εἶναι ἡ δημοσιογραφικὴ
ἀπόφανσις ποὺ δὲν τῆς ἐπέτρεψε
νὰ συμμετάσχῃ τοῦ ἀγῶνος μὲ
τὴν ὁμάδα.
Ἡ Ἕνωσις εἶναι ἀποφασισμένη
νὰ μὴ δεχθῇ ἀδικίαν καὶ θὰ
προσφύγῃ εἰς ἀνώτερα ὄργανα.
ΟΙ ΝΕΟΙ ΣΟΙ
Τὸ ἐπίσπο τίτλον τῶν ποδοσφαι-
ριστῶν νέων τῆς Ἐνώσεως ἐμφα-
νίζεται εἰς τὸν ἀγῶνα τῆς Κυριακῆς
μὲ τὴν ὁμάδα τοῦ Σμουχά. Ἡ Ἐνω-
σις ὁρίσθη νὰ ἀγωνισθῇ εἰς τὸ γή-
πεδον τῆς «Ἑλλάδα», ὁρίσθη δὲ
ὡς ἐπίσημος διαιτητὴς ὁ κ. Χαρά.
Ἡ συνάντησις θὰ ἀρχίσῃ εἰς τὴν
ὥραν 2.30 μ.μ. ἀκριβῶς.
Καλοῦνται ὅλοι οἱ παῖκται νὰ
εὑρίσκωνται ἐγκαίρως.
ΤΟΛΗΣ
ΚΑΤΟΠΙΝ ΤΩΝ ΕΠΕΙΣΟΔΙΩΝ
Η Π Α Ο Κ ΗΚΥΡΟΣΕ
ΤΟΝ ΑΓΩΝΑ ΜΕ ΤΟΝ ΣΤΡΑΤΟΝ
ΑΝΑΧΩΡΕΙ ΔΙ' ΕΛΛΑΔΑ
Κατόπιν τῶν λυπηρῶν ἐπεισοδί-
ων ποὺ ἐσημειώθησαν κατὰ τὸν
ἀγῶνα μὲ τὸν Στρατὸν, ἡ ὁμάς
τοῦ ΠΑΟΚ ἀπεφάσισε νὰ ἀκυρώσῃ
τὸν ἀγῶνα τῆς Κυριακῆς καὶ νὰ
ἀναχωρήσῃ διὰ Ἑλλάδα.
Οἱ παῖκται ἐφιλοξενήθησαν εἰς
τὸ Κάιρο ἐπὶ μίαν ἑβδομάδα.
Εἰς τὸ ἀσυνήθιστο τμῆμα ἐκει-
νων ποὺ ἀπεφάσισε ἡ ΑΕΕΑ ἡ
ὁμάς τῆς Μεχάλλα ἐξέφρασε τὴν
λύπην της διὰ τὴν ἐξέλιξιν, διότι
δὲν ἦτο εὔκολον νὰ ἐπιτύχῃ τὴν
νίκην. Ἡ Ἕνωσις παραμένει εἰς
τὴν ἴδιαν θέσιν τοῦ ὁμίλου.
Μὲ τὴν ἠπιστεῖαν ἀπόφασιν ἡ
Ὁμοσπονδία θὰ ἀναγκασθῇ νὰ τὴν
ἐπανεξετάσῃ. Ὁ κ. Ζαγιέτ, γενι-
κὸς γραμματεὺς τῆς, ἐδήλωσε ὅτι
ὑπάρχει ἐλπὶς συμφωνίας.
Τὸ ἐπιτυχὲς κλίμα εἰς τὴν πε-
ριφέρειαν θὰ κρίνῃ τὴν ὁριστικὴν
ἀπόφασιν διὰ τὸν ἐπόμενον ἀγῶνα.
ΝΕΑ ΑΡΧΑΙΟΛΟΓΙΚΑ ΕΥΡΗΜΑΤΑ
ΕΙΣ ΤΟ ΚΟΜ ΕΛ ΝΤΙΚ
Κατὰ τὰς ἀρξαμένας ἐργασίας
ἐκσκαφῆς τὰς ὁποίας ἐκτελεῖ ἡ Ἀρ-
χαιολογικὴ Ὑπηρεσία εἰς τὸ Κὸμ
ἐλ Ντὶκ ἀνεκαλύφθησαν νέα εὑρή-
ματα ποὺ ἀνήκουν εἰς τὴν Ρωμαϊ-
κὴν ἐποχήν. Ἡ Ἀρχαιολογικὴ Ὑπη-
ρεσία ἀνακοινώνει ὅτι θὰ συνεχίσῃ
τὰς ἐργασίας εἰς τὴν περιοχήν.
ΠΡΟΣΟΧΗ
SPECIAL SEVEN
BRANDY
Ἐφάσατε τὸ καινούργιο
SPECIAL
SEVEN YEARS
BRANDY
τοῦ ἐργοστασίου
ΣΤΥΛΙΑΝΙΔΗ
Κύπρου
Ἐκπλειούσθη τὴν 19 Δεκεμβ. 1960
ΕΛΕΝΗΣ φρ. 1340 Γκλωλέων
ἐπιθεωρητοῦ τῆς 5ην Ἰανουαρίου
1961 ἐπὶ τῆς γραφείων Σεβερτίου
τηλ. 22 31261
